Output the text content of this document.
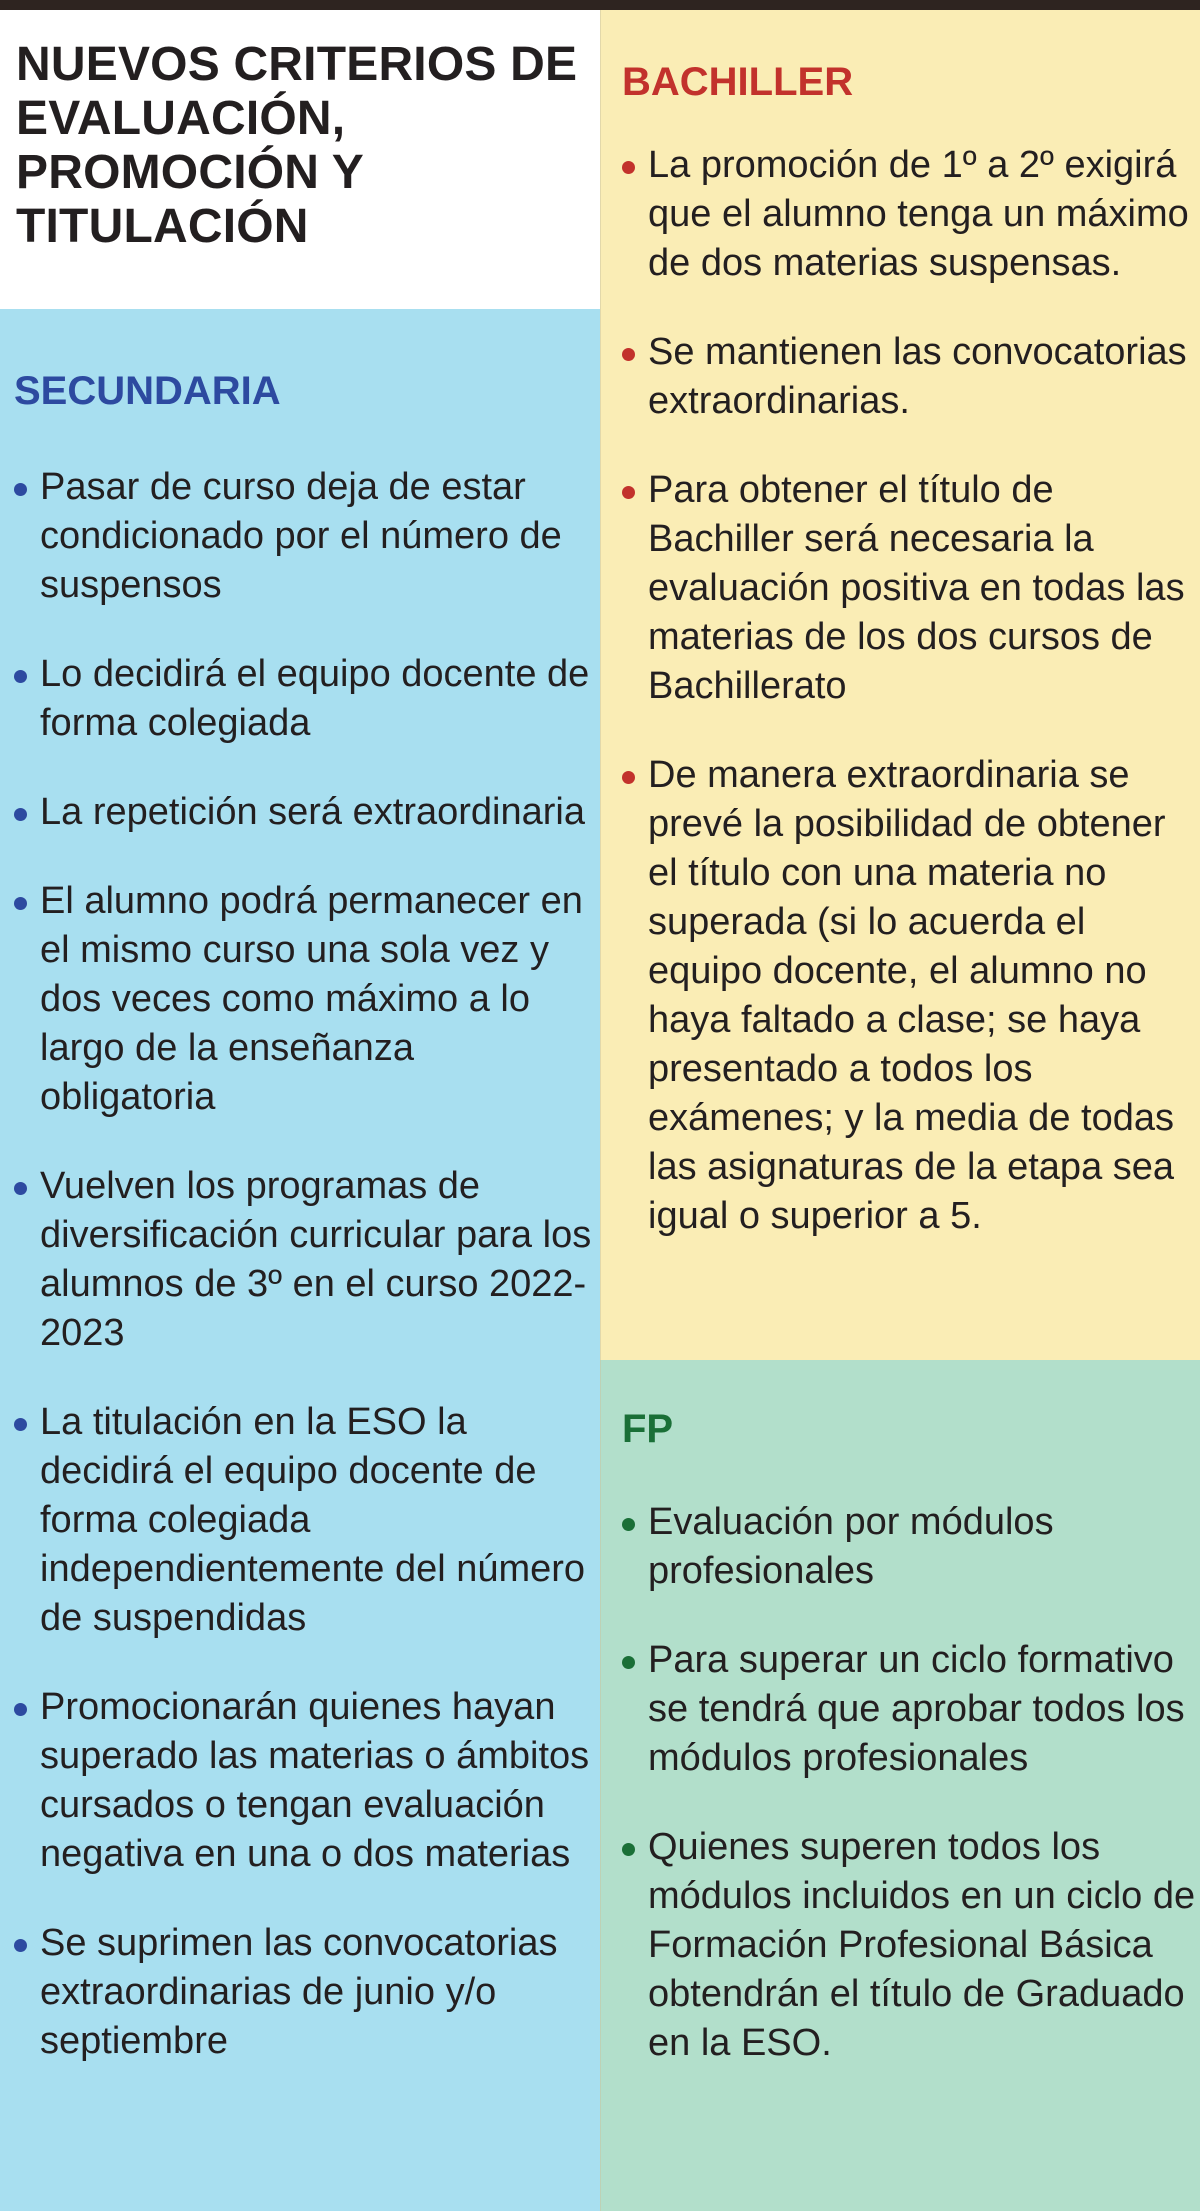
NUEVOS CRITERIOS DE EVALUACIÓN, PROMOCIÓN Y TITULACIÓN
SECUNDARIA
Pasar de curso deja de estar condicionado por el número de suspensos
Lo decidirá el equipo docente de forma colegiada
La repetición será extraordinaria
El alumno podrá permanecer en el mismo curso una sola vez y dos veces como máximo a lo largo de la enseñanza obligatoria
Vuelven los programas de diversificación curricular para los alumnos de 3º en el curso 2022-2023
La titulación en la ESO la decidirá el equipo docente de forma colegiada independientemente del número de suspendidas
Promocionarán quienes hayan superado las materias o ámbitos cursados o tengan evaluación negativa en una o dos materias
Se suprimen las convocatorias extraordinarias de junio y/o septiembre
BACHILLER
La promoción de 1º a 2º exigirá que el alumno tenga un máximo de dos materias suspensas.
Se mantienen las convocatorias extraordinarias.
Para obtener el título de Bachiller será necesaria la evaluación positiva en todas las materias de los dos cursos de Bachillerato
De manera extraordinaria se prevé la posibilidad de obtener el título con una materia no superada (si lo acuerda el equipo docente, el alumno no haya faltado a clase; se haya presentado a todos los exámenes; y la media de todas las asignaturas de la etapa sea igual o superior a 5.
FP
Evaluación por módulos profesionales
Para superar un ciclo formativo se tendrá que aprobar todos los módulos profesionales
Quienes superen todos los módulos incluidos en un ciclo de Formación Profesional Básica obtendrán el título de Graduado en la ESO.
